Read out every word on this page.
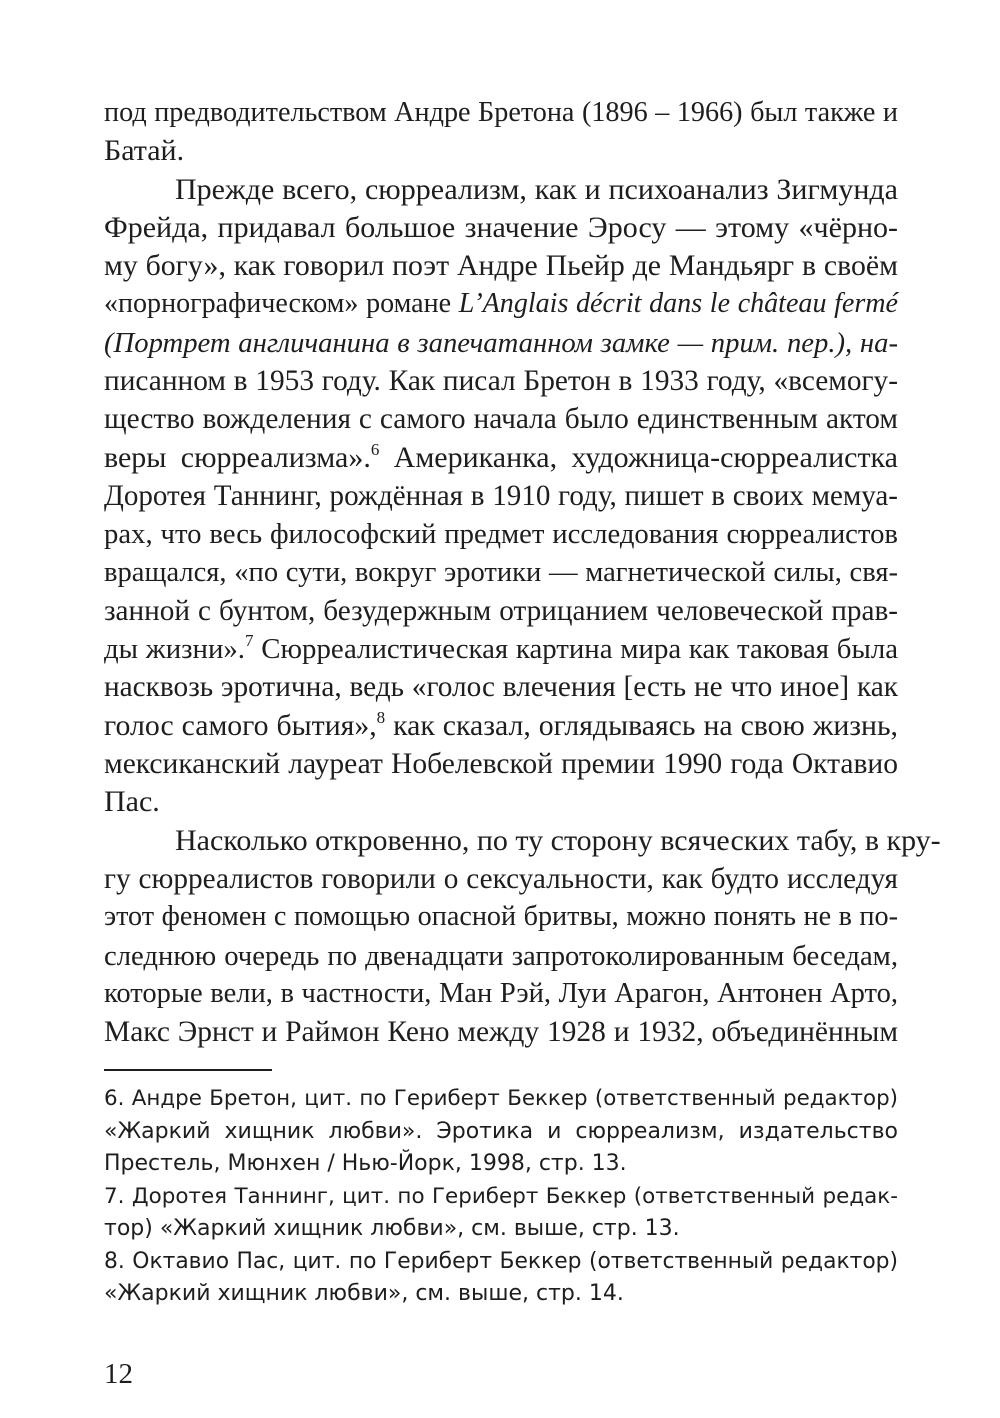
под предводительством Андре Бретона (1896 – 1966) был также и
Батай.
Прежде всего, сюрреализм, как и психоанализ Зигмунда
Фрейда, придавал большое значение Эросу — этому «чёрно-
му богу», как говорил поэт Андре Пьейр де Мандьярг в своём
«порнографическом» романе L’Anglais décrit dans le château fermé
(Портрет англичанина в запечатанном замке — прим. пер.), на-
писанном в 1953 году. Как писал Бретон в 1933 году, «всемогу-
щество вожделения с самого начала было единственным актом
веры сюрреализма».$^6$ Американка, художница-сюрреалистка
Доротея Таннинг, рождённая в 1910 году, пишет в своих мемуа-
рах, что весь философский предмет исследования сюрреалистов
вращался, «по сути, вокруг эротики — магнетической силы, свя-
занной с бунтом, безудержным отрицанием человеческой прав-
ды жизни».$^7$ Сюрреалистическая картина мира как таковая была
насквозь эротична, ведь «голос влечения [есть не что иное] как
голос самого бытия»,$^8$ как сказал, оглядываясь на свою жизнь,
мексиканский лауреат Нобелевской премии 1990 года Октавио
Пас.
Насколько откровенно, по ту сторону всяческих табу, в кру-
гу сюрреалистов говорили о сексуальности, как будто исследуя
этот феномен с помощью опасной бритвы, можно понять не в по-
следнюю очередь по двенадцати запротоколированным беседам,
которые вели, в частности, Ман Рэй, Луи Арагон, Антонен Арто,
Макс Эрнст и Раймон Кено между 1928 и 1932, объединённым
6. Андре Бретон, цит. по Гериберт Беккер (ответственный редактор)
«Жаркий хищник любви». Эротика и сюрреализм, издательство
Престель, Мюнхен / Нью-Йорк, 1998, стр. 13.
7. Доротея Таннинг, цит. по Гериберт Беккер (ответственный редак-
тор) «Жаркий хищник любви», см. выше, стр. 13.
8. Октавио Пас, цит. по Гериберт Беккер (ответственный редактор)
«Жаркий хищник любви», см. выше, стр. 14.
12
